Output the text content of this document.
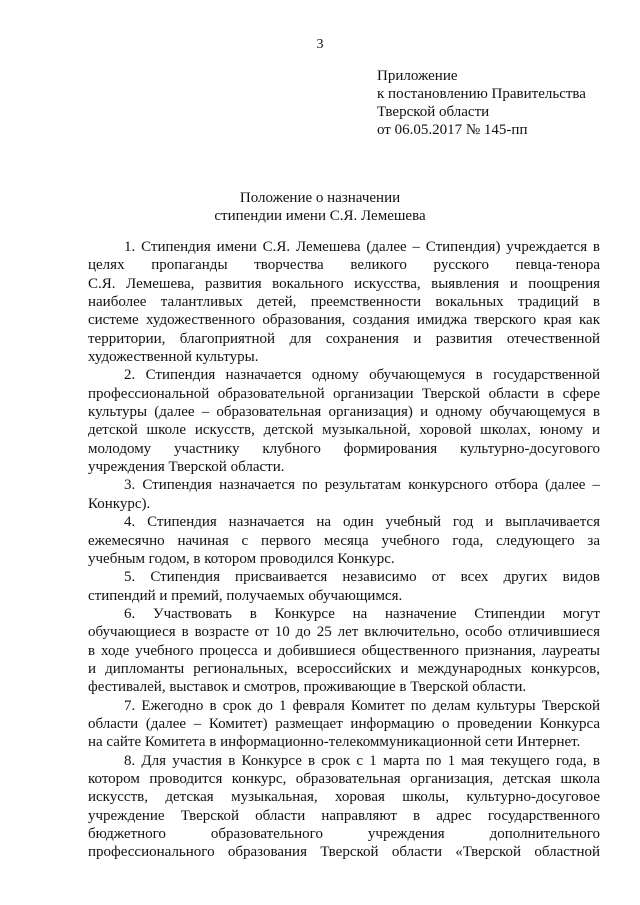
3
Приложение
к постановлению Правительства
Тверской области
от 06.05.2017 № 145-пп
Положение о назначении
стипендии имени С.Я. Лемешева
1. Стипендия имени С.Я. Лемешева (далее – Стипендия) учреждается в
целях пропаганды творчества великого русского певца-тенора
С.Я. Лемешева, развития вокального искусства, выявления и поощрения
наиболее талантливых детей, преемственности вокальных традиций в
системе художественного образования, создания имиджа тверского края как
территории, благоприятной для сохранения и развития отечественной
художественной культуры.
2. Стипендия назначается одному обучающемуся в государственной
профессиональной образовательной организации Тверской области в сфере
культуры (далее – образовательная организация) и одному обучающемуся в
детской школе искусств, детской музыкальной, хоровой школах, юному и
молодому участнику клубного формирования культурно-досугового
учреждения Тверской области.
3. Стипендия назначается по результатам конкурсного отбора (далее –
Конкурс).
4. Стипендия назначается на один учебный год и выплачивается
ежемесячно начиная с первого месяца учебного года, следующего за
учебным годом, в котором проводился Конкурс.
5. Стипендия присваивается независимо от всех других видов
стипендий и премий, получаемых обучающимся.
6. Участвовать в Конкурсе на назначение Стипендии могут
обучающиеся в возрасте от 10 до 25 лет включительно, особо отличившиеся
в ходе учебного процесса и добившиеся общественного признания, лауреаты
и дипломанты региональных, всероссийских и международных конкурсов,
фестивалей, выставок и смотров, проживающие в Тверской области.
7. Ежегодно в срок до 1 февраля Комитет по делам культуры Тверской
области (далее – Комитет) размещает информацию о проведении Конкурса
на сайте Комитета в информационно-телекоммуникационной сети Интернет.
8. Для участия в Конкурсе в срок с 1 марта по 1 мая текущего года, в
котором проводится конкурс, образовательная организация, детская школа
искусств, детская музыкальная, хоровая школы, культурно-досуговое
учреждение Тверской области направляют в адрес государственного
бюджетного образовательного учреждения дополнительного
профессионального образования Тверской области «Тверской областной
